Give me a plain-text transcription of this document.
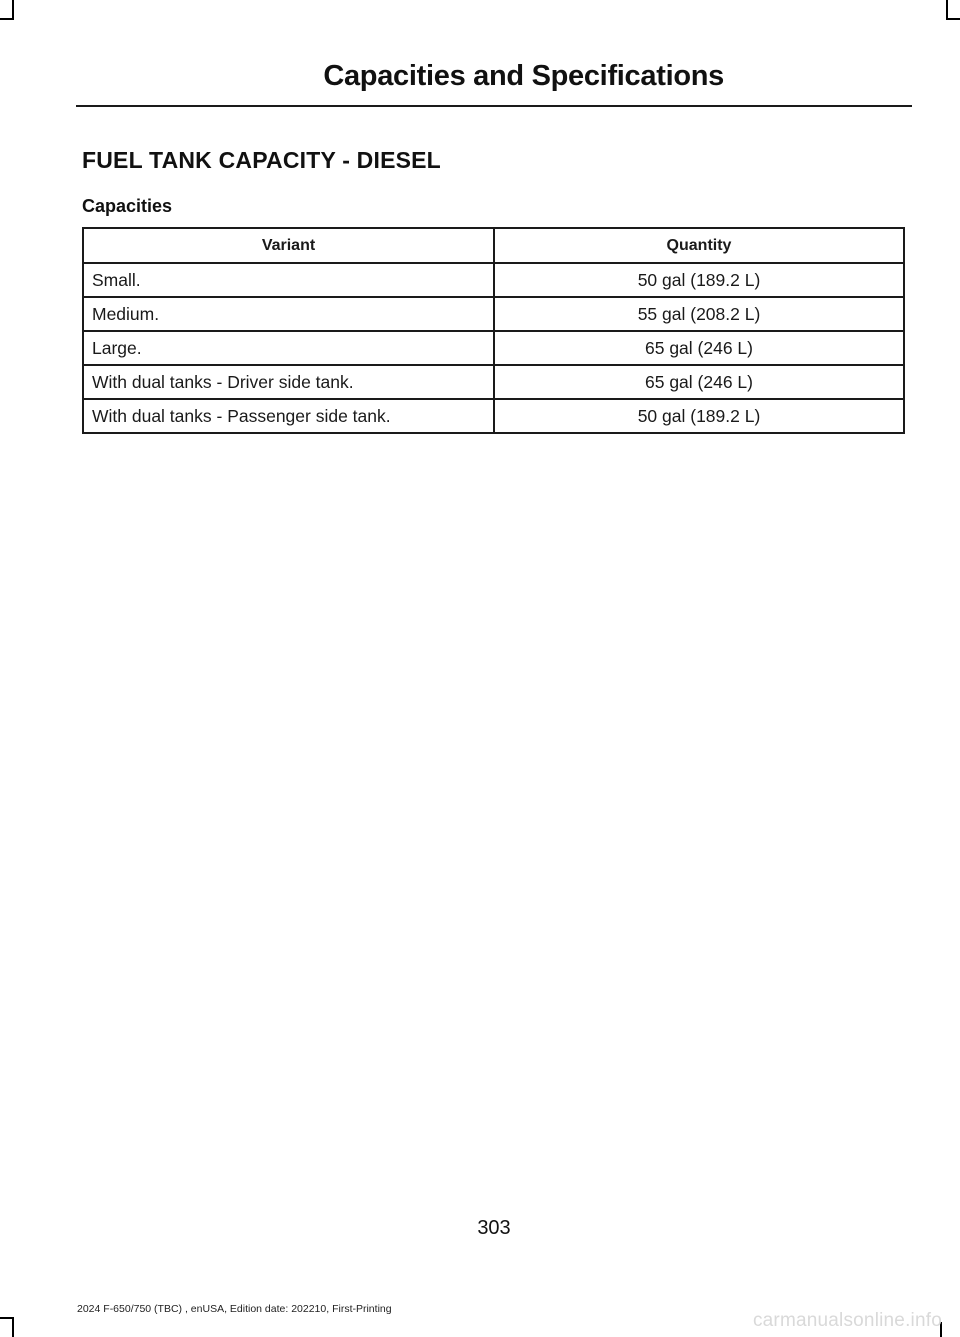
Capacities and Specifications
FUEL TANK CAPACITY - DIESEL
Capacities
Variant	Quantity
Small.	50 gal (189.2 L)
Medium.	55 gal (208.2 L)
Large.	65 gal (246 L)
With dual tanks - Driver side tank.	65 gal (246 L)
With dual tanks - Passenger side tank.	50 gal (189.2 L)
303
2024 F-650/750 (TBC) , enUSA, Edition date: 202210, First-Printing
carmanualsonline.info
